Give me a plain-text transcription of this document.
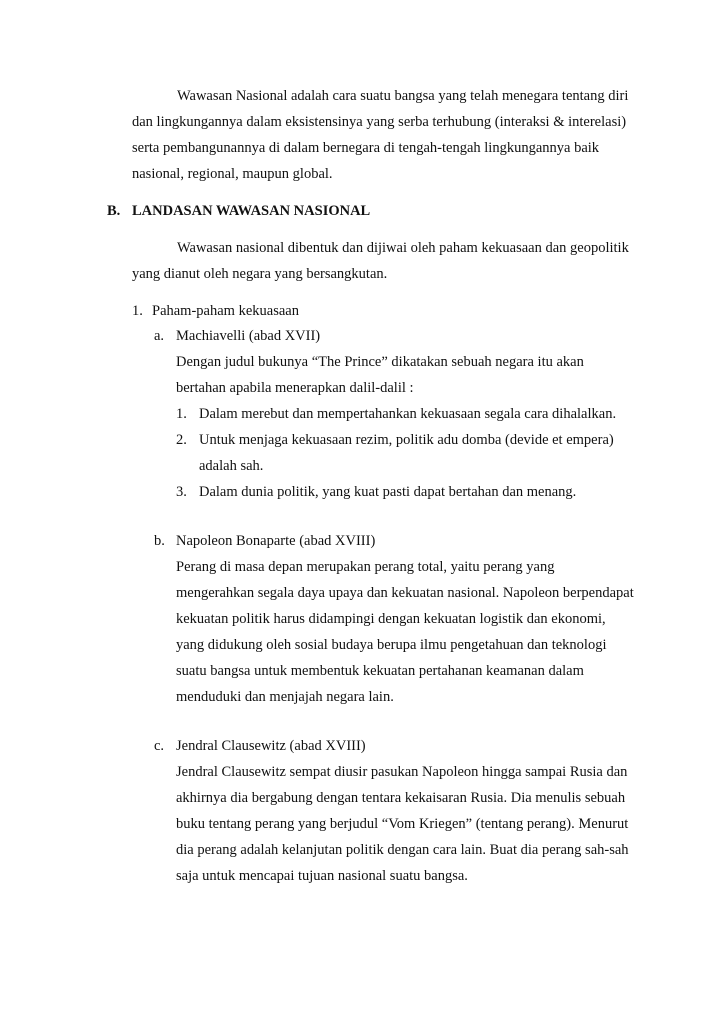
Wawasan Nasional adalah cara suatu bangsa yang telah menegara tentang diri
dan lingkungannya dalam eksistensinya yang serba terhubung (interaksi & interelasi)
serta pembangunannya di dalam bernegara di tengah-tengah lingkungannya baik
nasional, regional, maupun global.
B. LANDASAN WAWASAN NASIONAL
Wawasan nasional dibentuk dan dijiwai oleh paham kekuasaan dan geopolitik
yang dianut oleh negara yang bersangkutan.
1. Paham-paham kekuasaan
a. Machiavelli (abad XVII)
Dengan judul bukunya “The Prince” dikatakan sebuah negara itu akan
bertahan apabila menerapkan dalil-dalil :
1. Dalam merebut dan mempertahankan kekuasaan segala cara dihalalkan.
2. Untuk menjaga kekuasaan rezim, politik adu domba (devide et empera)
adalah sah.
3. Dalam dunia politik, yang kuat pasti dapat bertahan dan menang.
b. Napoleon Bonaparte (abad XVIII)
Perang di masa depan merupakan perang total, yaitu perang yang
mengerahkan segala daya upaya dan kekuatan nasional. Napoleon berpendapat
kekuatan politik harus didampingi dengan kekuatan logistik dan ekonomi,
yang didukung oleh sosial budaya berupa ilmu pengetahuan dan teknologi
suatu bangsa untuk membentuk kekuatan pertahanan keamanan dalam
menduduki dan menjajah negara lain.
c. Jendral Clausewitz (abad XVIII)
Jendral Clausewitz sempat diusir pasukan Napoleon hingga sampai Rusia dan
akhirnya dia bergabung dengan tentara kekaisaran Rusia. Dia menulis sebuah
buku tentang perang yang berjudul “Vom Kriegen” (tentang perang). Menurut
dia perang adalah kelanjutan politik dengan cara lain. Buat dia perang sah-sah
saja untuk mencapai tujuan nasional suatu bangsa.
